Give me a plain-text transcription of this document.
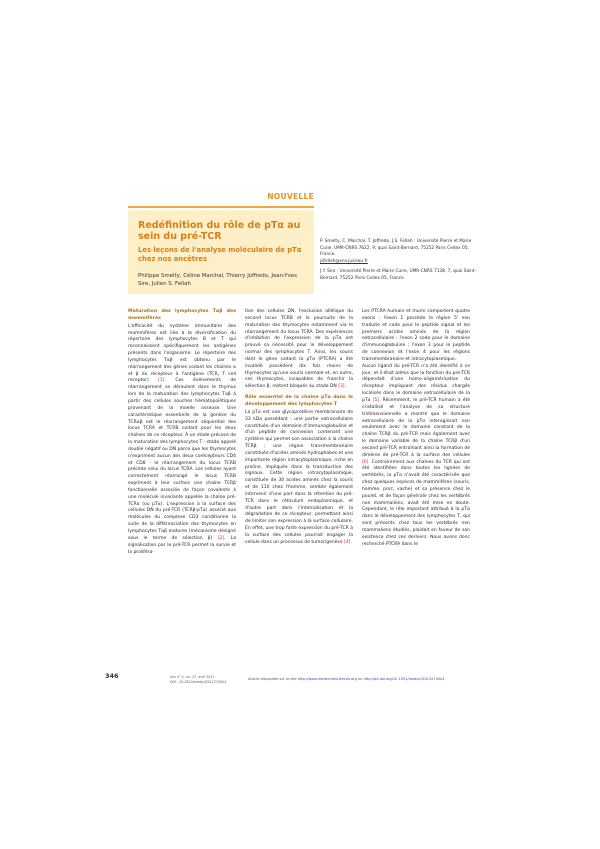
NOUVELLE
Redéfinition du rôle de pTα au sein du pré-TCR
Les leçons de l'analyse moléculaire de pTα chez nos ancêtres
Philippe Smelty, Céline Marchal, Thierry Joffredo, Jean-Yves Sire, Julien S. Fellah

P. Smelty, C. Marchal, T. Joffredo, J.S. Fellah : Université Pierre et Marie Curie, UMR-CNRS 7622, 9, quai Saint-Bernard, 75252 Paris Cedex 05, France.
jsfellah@snv.jussieu.fr

J.Y. Sire : Université Pierre et Marie Curie, UMR-CNRS 7138, 7, quai Saint-Bernard, 75252 Paris Cedex 05, France

Maturation des lymphocytes Tαβ des mammifères

L'efficacité du système immunitaire des mammifères est liée à la diversification du répertoire des lymphocytes B et T qui reconnaissent spécifiquement les antigènes présents dans l'organisme. Le répertoire des lymphocytes Tαβ est obtenu par le réarrangement des gènes codant les chaînes α et β du récepteur à l'antigène (TCR, T cell receptor) [1]. Ces événements de réarrangement se déroulent dans le thymus lors de la maturation des lymphocytes Tαβ à partir des cellules souches hématopoïétiques provenant de la moelle osseuse. Une caractéristique essentielle de la genèse du TCRαβ est le réarrangement séquentiel des locus TCRA et TCRB codant pour les deux chaînes de ce récepteur. À un stade précoce de la maturation des lymphocytes T - stade appelé double négatif ou DN parce que les thymocytes n'expriment aucun des deux corécepteurs CD4 et CD8 - le réarrangement du locus TCRB précède celui du locus TCRA. Les cellules ayant correctement réarrangé le locus TCRB expriment à leur surface une chaîne TCRβ fonctionnelle associée de façon covalente à une molécule invariante appelée la chaîne pré-TCRα (ou pTα). L'expression à la surface des cellules DN du pré-TCR (TCRβ-pTα) associé aux molécules du complexe CD3 conditionne la suite de la différenciation des thymocytes en lymphocytes Tαβ matures (mécanisme désigné sous le terme de sélection β) [2]. La signalisation par le pré-TCR permet la survie et la proliféra-

tion des cellules DN, l'exclusion allélique du second locus TCRB et la poursuite de la maturation des thymocytes notamment via le réarrangement du locus TCRA. Des expériences d'inhibition de l'expression de la pTα ont prouvé sa nécessité pour le développement normal des lymphocytes T. Ainsi, les souris dont le gène codant la pTα (PTCRA) a été invalidé possèdent dix fois moins de thymocytes qu'une souris normale et, en outre, ces thymocytes, incapables de franchir la sélection β, restent bloqués au stade DN [3].

Rôle essentiel de la chaîne pTα dans le développement des lymphocytes T

La pTα est une glycoprotéine membranaire de 33 kDa possédant : une partie extracellulaire constituée d'un domaine d'immunoglobuline et d'un peptide de connexion contenant une cystéine qui permet son association à la chaîne TCRβ ; une région transmembranaire constituée d'acides aminés hydrophobes et une importante région intracytoplasmique, riche en proline, impliquée dans la transduction des signaux. Cette région intracytoplasmique, constituée de 30 acides aminés chez la souris et de 110 chez l'homme, semble également intervenir d'une part dans la rétention du pré-TCR dans le réticulum endoplasmique, et d'autre part dans l'internalisation et la dégradation de ce récepteur, permettant ainsi de limiter son expression à la surface cellulaire. En effet, une trop forte expression du pré-TCR à la surface des cellules pourrait engager la cellule dans un processus de tumorigenèse [4].

Les PTCRA humain et murin comportent quatre exons : l'exon 1 possède la région 5' non traduite et code pour le peptide signal et les premiers acides aminés de la région extracellulaire ; l'exon 2 code pour le domaine d'immunoglobuline ; l'exon 3 pour le peptide de connexion et l'exon 4 pour les régions transmembranaire et intracytoplasmique.

Aucun ligand du pré-TCR n'a été identifié à ce jour, et il était admis que la fonction du pré-TCR dépendait d'une homo-oligomérisation du récepteur impliquant des résidus chargés localisés dans le domaine extracellulaire de la pTα [5]. Récemment, le pré-TCR humain a été cristallisé et l'analyse de sa structure tridimensionnelle a montré que le domaine extracellulaire de la pTα interagissait non seulement avec le domaine constant de la chaîne TCRβ du pré-TCR mais également avec le domaine variable de la chaîne TCRβ d'un second pré-TCR entraînant ainsi la formation de dimères de pré-TCR à la surface des cellules [6]. Contrairement aux chaînes du TCR qui ont été identifiées dans toutes les lignées de vertébrés, la pTα n'avait été caractérisée que chez quelques espèces de mammifères (souris, homme, porc, vache) et sa présence chez le poulet, et de façon générale chez les vertébrés non mammaliens, avait été mise en doute. Cependant, le rôle important attribué à la pTα dans le développement des lymphocytes T, qui sont présents chez tous les vertébrés non mammaliens étudiés, plaidait en faveur de son existence chez ces derniers. Nous avons donc recherché PTCRA dans le

346	m/s n° 4, vol. 27, avril 2011
DOI : 10.1051/medsci/2011274004
Article disponible sur le site http://www.medecinesciences.org ou http://dx.doi.org/10.1051/medsci/2011274004
